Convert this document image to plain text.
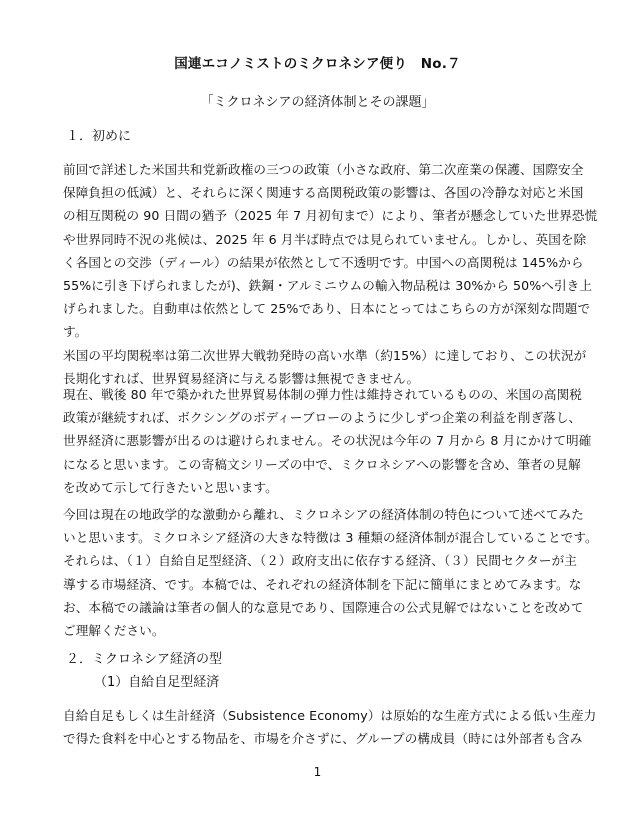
国連エコノミストのミクロネシア便り　No.７
「ミクロネシアの経済体制とその課題」
１．初めに
前回で詳述した米国共和党新政権の三つの政策（小さな政府、第二次産業の保護、国際安全
保障負担の低減）と、それらに深く関連する高関税政策の影響は、各国の冷静な対応と米国
の相互関税の 90 日間の猶予（2025 年 7 月初旬まで）により、筆者が懸念していた世界恐慌
や世界同時不況の兆候は、2025 年 6 月半ば時点では見られていません。しかし、英国を除
く各国との交渉（ディール）の結果が依然として不透明です。中国への高関税は 145%から
55%に引き下げられましたが)、鉄鋼・アルミニウムの輸入物品税は 30%から 50%へ引き上
げられました。自動車は依然として 25%であり、日本にとってはこちらの方が深刻な問題で
す。
米国の平均関税率は第二次世界大戦勃発時の高い水準（約15%）に達しており、この状況が
長期化すれば、世界貿易経済に与える影響は無視できません。
現在、戦後 80 年で築かれた世界貿易体制の弾力性は維持されているものの、米国の高関税
政策が継続すれば、ボクシングのボディーブローのように少しずつ企業の利益を削ぎ落し、
世界経済に悪影響が出るのは避けられません。その状況は今年の 7 月から 8 月にかけて明確
になると思います。この寄稿文シリーズの中で、ミクロネシアへの影響を含め、筆者の見解
を改めて示して行きたいと思います。
今回は現在の地政学的な激動から離れ、ミクロネシアの経済体制の特色について述べてみた
いと思います。ミクロネシア経済の大きな特徴は 3 種類の経済体制が混合していることです。
それらは、（１）自給自足型経済、（２）政府支出に依存する経済、（３）民間セクターが主
導する市場経済、です。本稿では、それぞれの経済体制を下記に簡単にまとめてみます。な
お、本稿での議論は筆者の個人的な意見であり、国際連合の公式見解ではないことを改めて
ご理解ください。
２．ミクロネシア経済の型
（1）自給自足型経済
自給自足もしくは生計経済（Subsistence Economy）は原始的な生産方式による低い生産力
で得た食料を中心とする物品を、市場を介さずに、グループの構成員（時には外部者も含み
1
